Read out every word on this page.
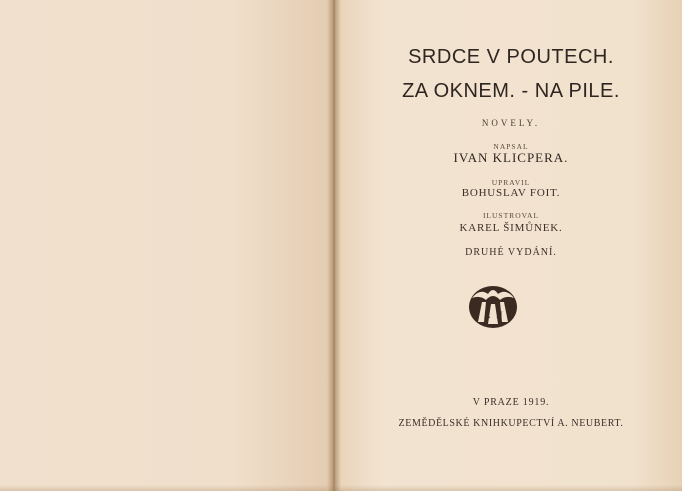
SRDCE V POUTECH.
ZA OKNEM. - NA PILE.
NOVELY.
NAPSAL
IVAN KLICPERA.
UPRAVIL
BOHUSLAV FOIT.
ILUSTROVAL
KAREL ŠIMŮNEK.
DRUHÉ VYDÁNÍ.
A N
V PRAZE 1919.
ZEMĚDĚLSKÉ KNIHKUPECTVÍ A. NEUBERT.
